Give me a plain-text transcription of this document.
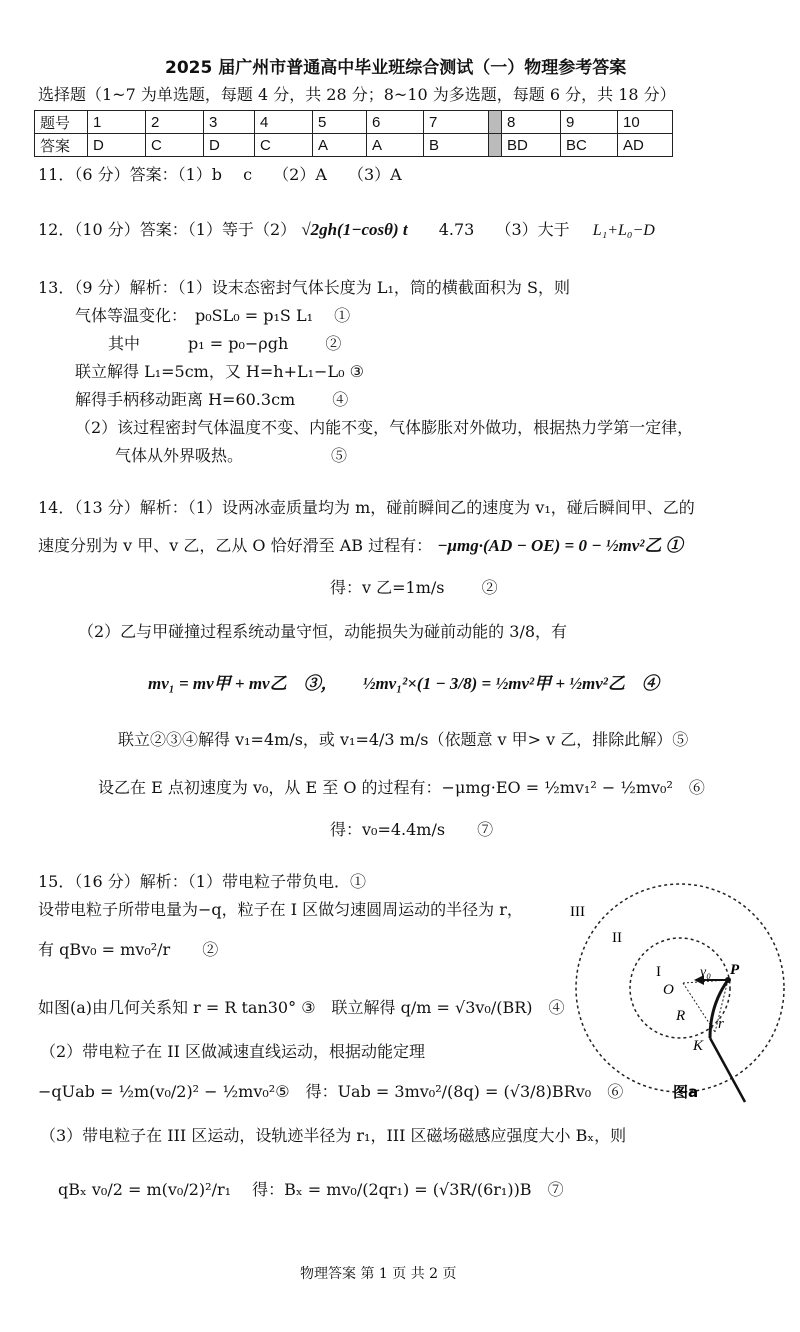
2025 届广州市普通高中毕业班综合测试（一）物理参考答案
选择题（1~7 为单选题，每题 4 分，共 28 分；8~10 为多选题，每题 6 分，共 18 分）
题号	1	2	3	4	5	6	7		8	9	10
答案	D	C	D	C	A	A	B		BD	BC	AD
11．（6 分）答案：（1）b　 c　 （2）A　 （3）A
12．（10 分）答案：（1）等于（2） √2gh(1−cosθ) t 4.73　 （3）大于 L₁+L₀−D
13．（9 分）解析：（1）设末态密封气体长度为 L₁，筒的横截面积为 S，则
气体等温变化：　p₀SL₀ = p₁S L₁　 ①
其中　　　p₁ = p₀−ρgh　　 ②
联立解得 L₁=5cm，又 H=h+L₁−L₀ ③
解得手柄移动距离 H=60.3cm　　 ④
（2）该过程密封气体温度不变、内能不变，气体膨胀对外做功，根据热力学第一定律，
气体从外界吸热。　　　　　　⑤
14．（13 分）解析：（1）设两冰壶质量均为 m，碰前瞬间乙的速度为 v₁，碰后瞬间甲、乙的
速度分别为 v 甲、v 乙，乙从 O 恰好滑至 AB 过程有： −μmg·(AD − OE) = 0 − ½mv²乙 ①
得：v 乙=1m/s　　 ②
（2）乙与甲碰撞过程系统动量守恒，动能损失为碰前动能的 3/8，有
mv₁ = mv甲 + mv乙　③， ½mv₁²×(1 − 3/8) = ½mv²甲 + ½mv²乙　④
联立②③④解得 v₁=4m/s，或 v₁=4/3 m/s（依题意 v 甲> v 乙，排除此解）⑤
设乙在 E 点初速度为 v₀，从 E 至 O 的过程有：−μmg·EO = ½mv₁² − ½mv₀²　⑥
得：v₀=4.4m/s　　⑦
15．（16 分）解析：（1）带电粒子带负电．①
设带电粒子所带电量为−q，粒子在 I 区做匀速圆周运动的半径为 r，
有 qBv₀ = mv₀²/r　　②
如图(a)由几何关系知 r = R tan30° ③　联立解得 q/m = √3v₀/(BR)　④
（2）带电粒子在 II 区做减速直线运动，根据动能定理
−qUab = ½m(v₀/2)² − ½mv₀²⑤　得：Uab = 3mv₀²/(8q) = (√3/8)BRv₀　⑥
（3）带电粒子在 III 区运动，设轨迹半径为 r₁，III 区磁场磁感应强度大小 Bₓ，则
qBₓ v₀/2 = m(v₀/2)²/r₁　 得：Bₓ = mv₀/(2qr₁) = (√3R/(6r₁))B　⑦
III
II
I
O
v₀ P
R r
K
图a
物理答案 第 1 页 共 2 页
